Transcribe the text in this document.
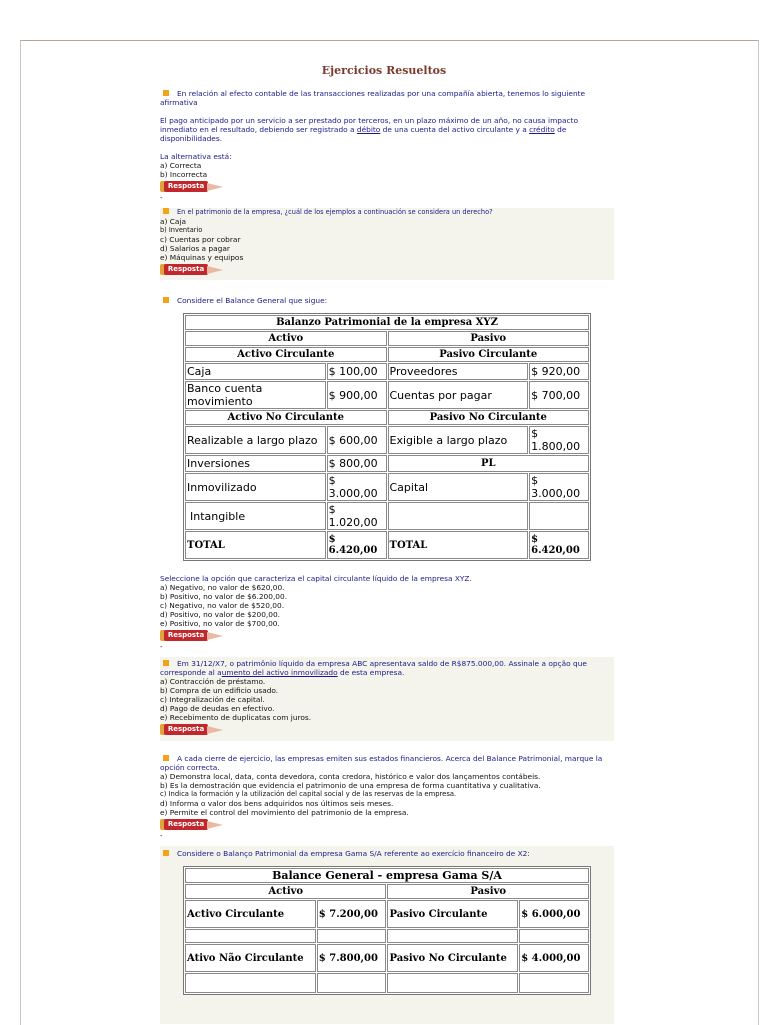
Ejercicios Resueltos

En relación al efecto contable de las transacciones realizadas por una compañía abierta, tenemos lo siguiente afirmativa

El pago anticipado por un servicio a ser prestado por terceros, en un plazo máximo de un año, no causa impacto inmediato en el resultado, debiendo ser registrado a débito de una cuenta del activo circulante y a crédito de disponibilidades.

La alternativa está:

a) Correcta

b) Incorrecta

Resposta
-

En el patrimonio de la empresa, ¿cuál de los ejemplos a continuación se considera un derecho?

a) Caja

b) Inventario

c) Cuentas por cobrar

d) Salarios a pagar

e) Máquinas y equipos

Resposta

Considere el Balance General que sigue:

Balanzo Patrimonial de la empresa XYZ			
Activo		Pasivo	
Activo Circulante		Pasivo Circulante	
Caja	$ 100,00	Proveedores	$ 920,00
Banco cuenta movimiento	$ 900,00	Cuentas por pagar	$ 700,00
Activo No Circulante		Pasivo No Circulante	
Realizable a largo plazo	$ 600,00	Exigible a largo plazo	$ 1.800,00
Inversiones	$ 800,00	PL	
Inmovilizado	$ 3.000,00	Capital	$ 3.000,00
Intangible	$ 1.020,00		
TOTAL	$ 6.420,00	TOTAL	$ 6.420,00

Seleccione la opción que caracteriza el capital circulante líquido de la empresa XYZ.

a) Negativo, no valor de $620,00.

b) Positivo, no valor de $6.200,00.

c) Negativo, no valor de $520,00.

d) Positivo, no valor de $200,00.

e) Positivo, no valor de $700,00.

Resposta
-

Em 31/12/X7, o patrimônio líquido da empresa ABC apresentava saldo de R$875.000,00. Assinale a opção que corresponde al aumento del activo inmovilizado de esta empresa.

a) Contracción de préstamo.

b) Compra de un edificio usado.

c) Integralización de capital.

d) Pago de deudas en efectivo.

e) Recebimento de duplicatas com juros.

Resposta

A cada cierre de ejercicio, las empresas emiten sus estados financieros. Acerca del Balance Patrimonial, marque la opción correcta.

a) Demonstra local, data, conta devedora, conta credora, histórico e valor dos lançamentos contábeis.

b) Es la demostración que evidencia el patrimonio de una empresa de forma cuantitativa y cualitativa.

c) Indica la formación y la utilización del capital social y de las reservas de la empresa.

d) Informa o valor dos bens adquiridos nos últimos seis meses.

e) Permite el control del movimiento del patrimonio de la empresa.

Resposta
-

Considere o Balanço Patrimonial da empresa Gama S/A referente ao exercício financeiro de X2:

Balance General - empresa Gama S/A			
Activo		Pasivo	
Activo Circulante	$ 7.200,00	Pasivo Circulante	$ 6.000,00

Ativo Não Circulante	$ 7.800,00	Pasivo No Circulante	$ 4.000,00
